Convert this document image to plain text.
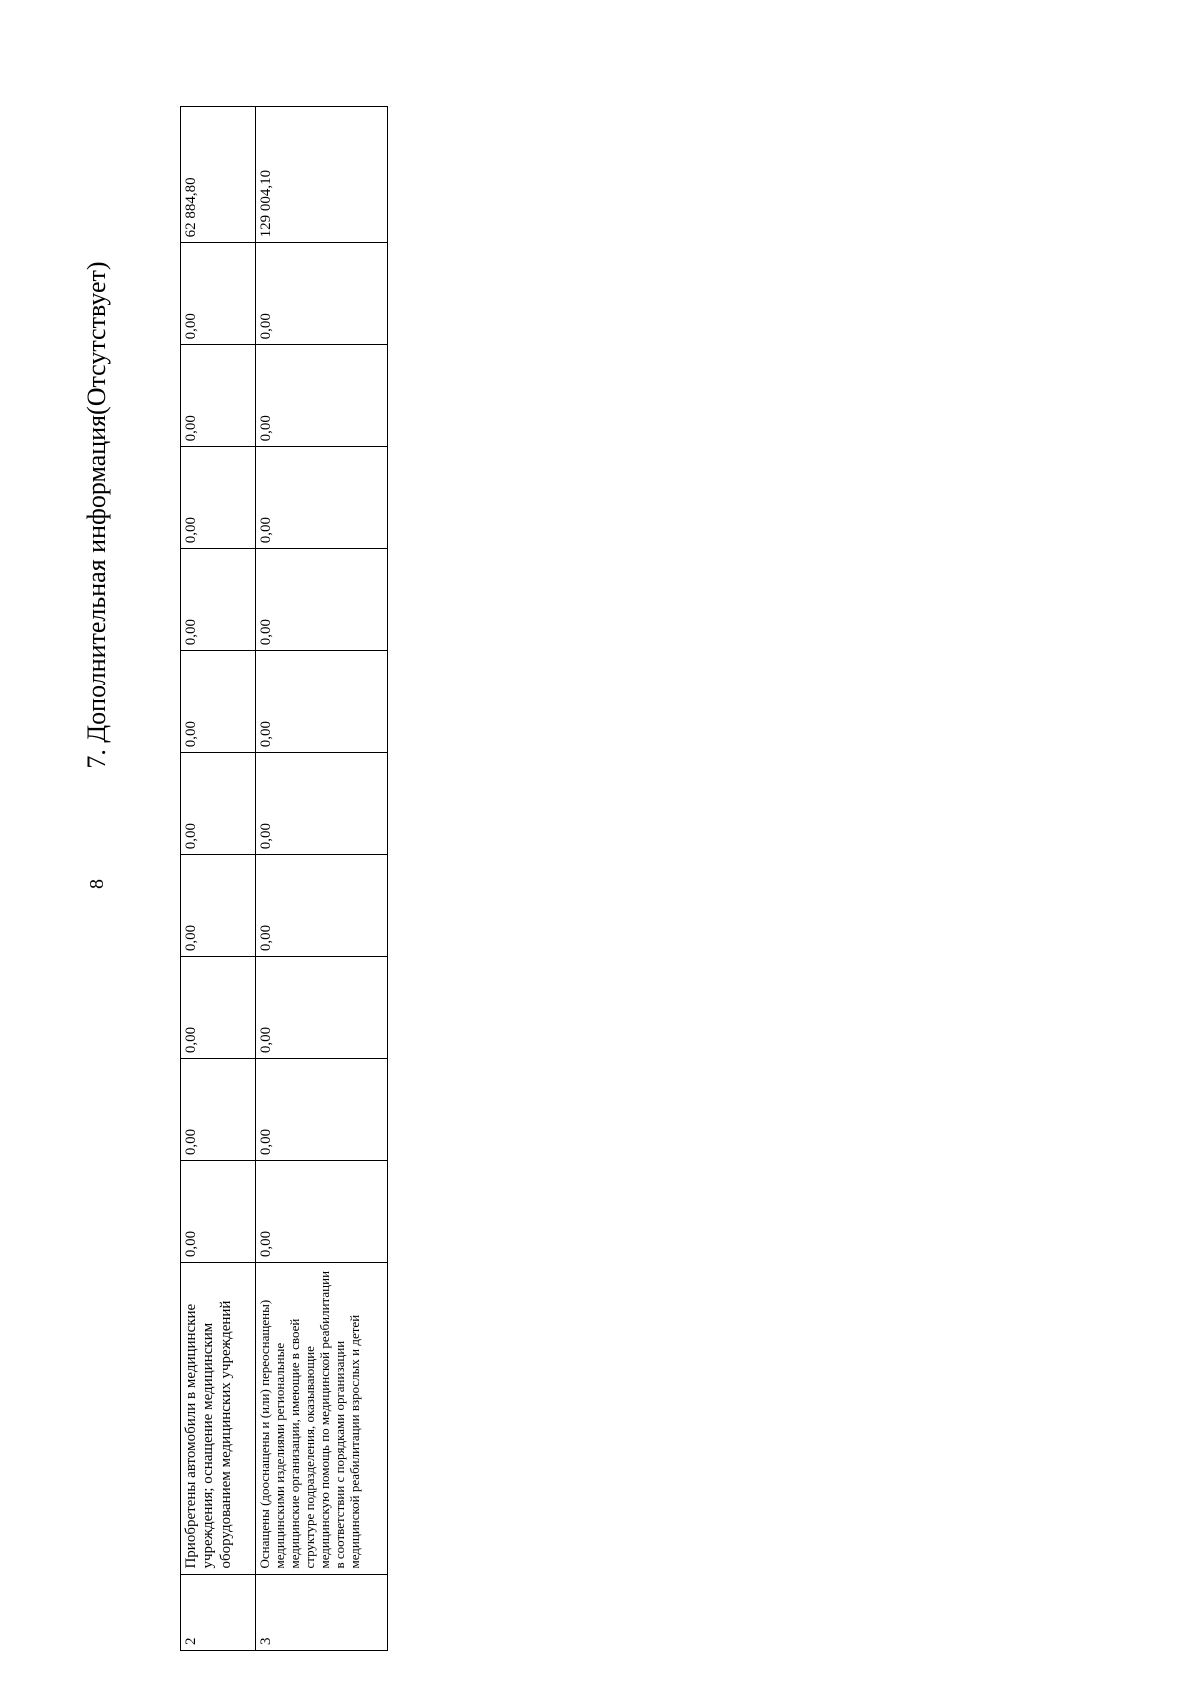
8
2	Приобретены автомобили в медицинские учреждения; оснащение медицинским оборудованием медицинских учреждений	0,00	0,00	0,00	0,00	0,00	0,00	0,00	0,00	0,00	0,00	62 884,80
3	Оснащены (дооснащены и (или) переоснащены) медицинскими изделиями региональные медицинские организации, имеющие в своей структуре подразделения, оказывающие медицинскую помощь по медицинской реабилитации в соответствии с порядками организации медицинской реабилитации взрослых и детей	0,00	0,00	0,00	0,00	0,00	0,00	0,00	0,00	0,00	0,00	129 004,10
7. Дополнительная информация(Отсутствует)
